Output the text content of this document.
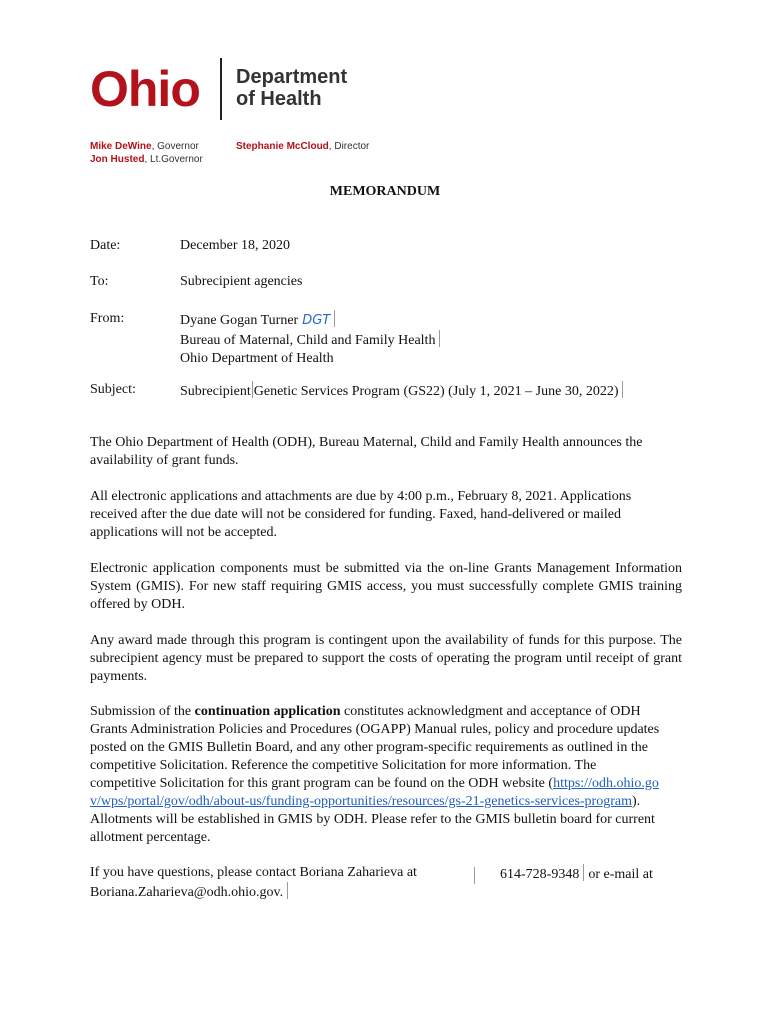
Ohio Department
of Health
Mike DeWine, Governor
Jon Husted, Lt.Governor
Stephanie McCloud, Director
MEMORANDUM
Date:	December 18, 2020
To:	Subrecipient agencies
From:	Dyane Gogan Turner DGT
Bureau of Maternal, Child and Family Health
Ohio Department of Health
Subject:	Subrecipient Genetic Services Program (GS22) (July 1, 2021 – June 30, 2022)
The Ohio Department of Health (ODH), Bureau Maternal, Child and Family Health announces the availability of grant funds.
All electronic applications and attachments are due by 4:00 p.m., February 8, 2021. Applications received after the due date will not be considered for funding. Faxed, hand-delivered or mailed applications will not be accepted.
Electronic application components must be submitted via the on-line Grants Management Information System (GMIS). For new staff requiring GMIS access, you must successfully complete GMIS training offered by ODH.
Any award made through this program is contingent upon the availability of funds for this purpose. The subrecipient agency must be prepared to support the costs of operating the program until receipt of grant payments.
Submission of the continuation application constitutes acknowledgment and acceptance of ODH Grants Administration Policies and Procedures (OGAPP) Manual rules, policy and procedure updates posted on the GMIS Bulletin Board, and any other program-specific requirements as outlined in the competitive Solicitation. Reference the competitive Solicitation for more information. The competitive Solicitation for this grant program can be found on the ODH website (https://odh.ohio.gov/wps/portal/gov/odh/about-us/funding-opportunities/resources/gs-21-genetics-services-program). Allotments will be established in GMIS by ODH. Please refer to the GMIS bulletin board for current allotment percentage.
If you have questions, please contact Boriana Zaharieva at	614-728-9348 or e-mail at
Boriana.Zaharieva@odh.ohio.gov.
